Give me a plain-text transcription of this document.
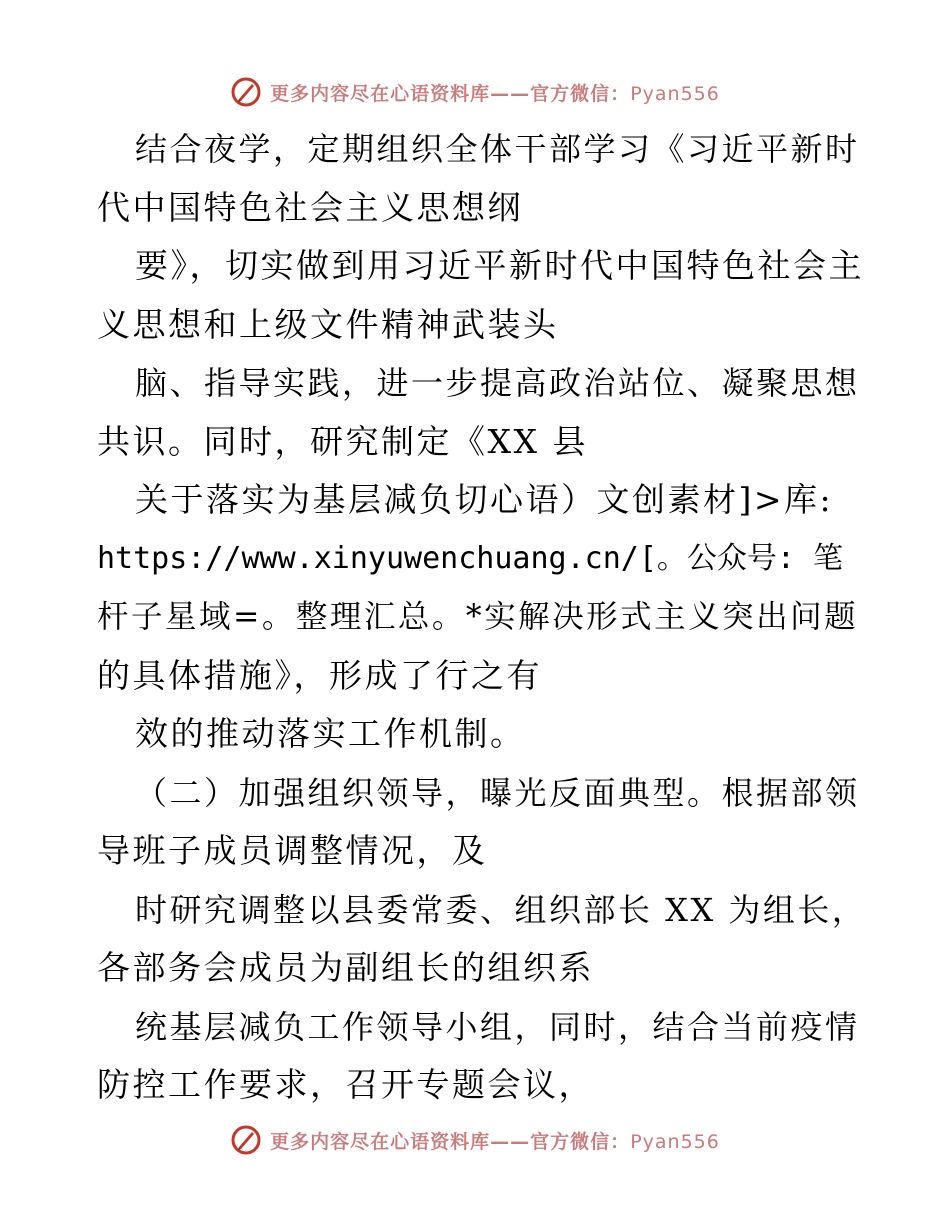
更多内容尽在心语资料库——官方微信：Pyan556
结合夜学，定期组织全体干部学习《习近平新时
代中国特色社会主义思想纲
要》，切实做到用习近平新时代中国特色社会主
义思想和上级文件精神武装头
脑、指导实践，进一步提高政治站位、凝聚思想
共识。同时，研究制定《XX 县
关于落实为基层减负切心语）文创素材]>库:
https://www.xinyuwenchuang.cn/[。公众号: 笔
杆子星域=。整理汇总。*实解决形式主义突出问题
的具体措施》，形成了行之有
效的推动落实工作机制。
（二）加强组织领导，曝光反面典型。根据部领
导班子成员调整情况，及
时研究调整以县委常委、组织部长 XX 为组长，
各部务会成员为副组长的组织系
统基层减负工作领导小组，同时，结合当前疫情
防控工作要求，召开专题会议，
更多内容尽在心语资料库——官方微信：Pyan556
